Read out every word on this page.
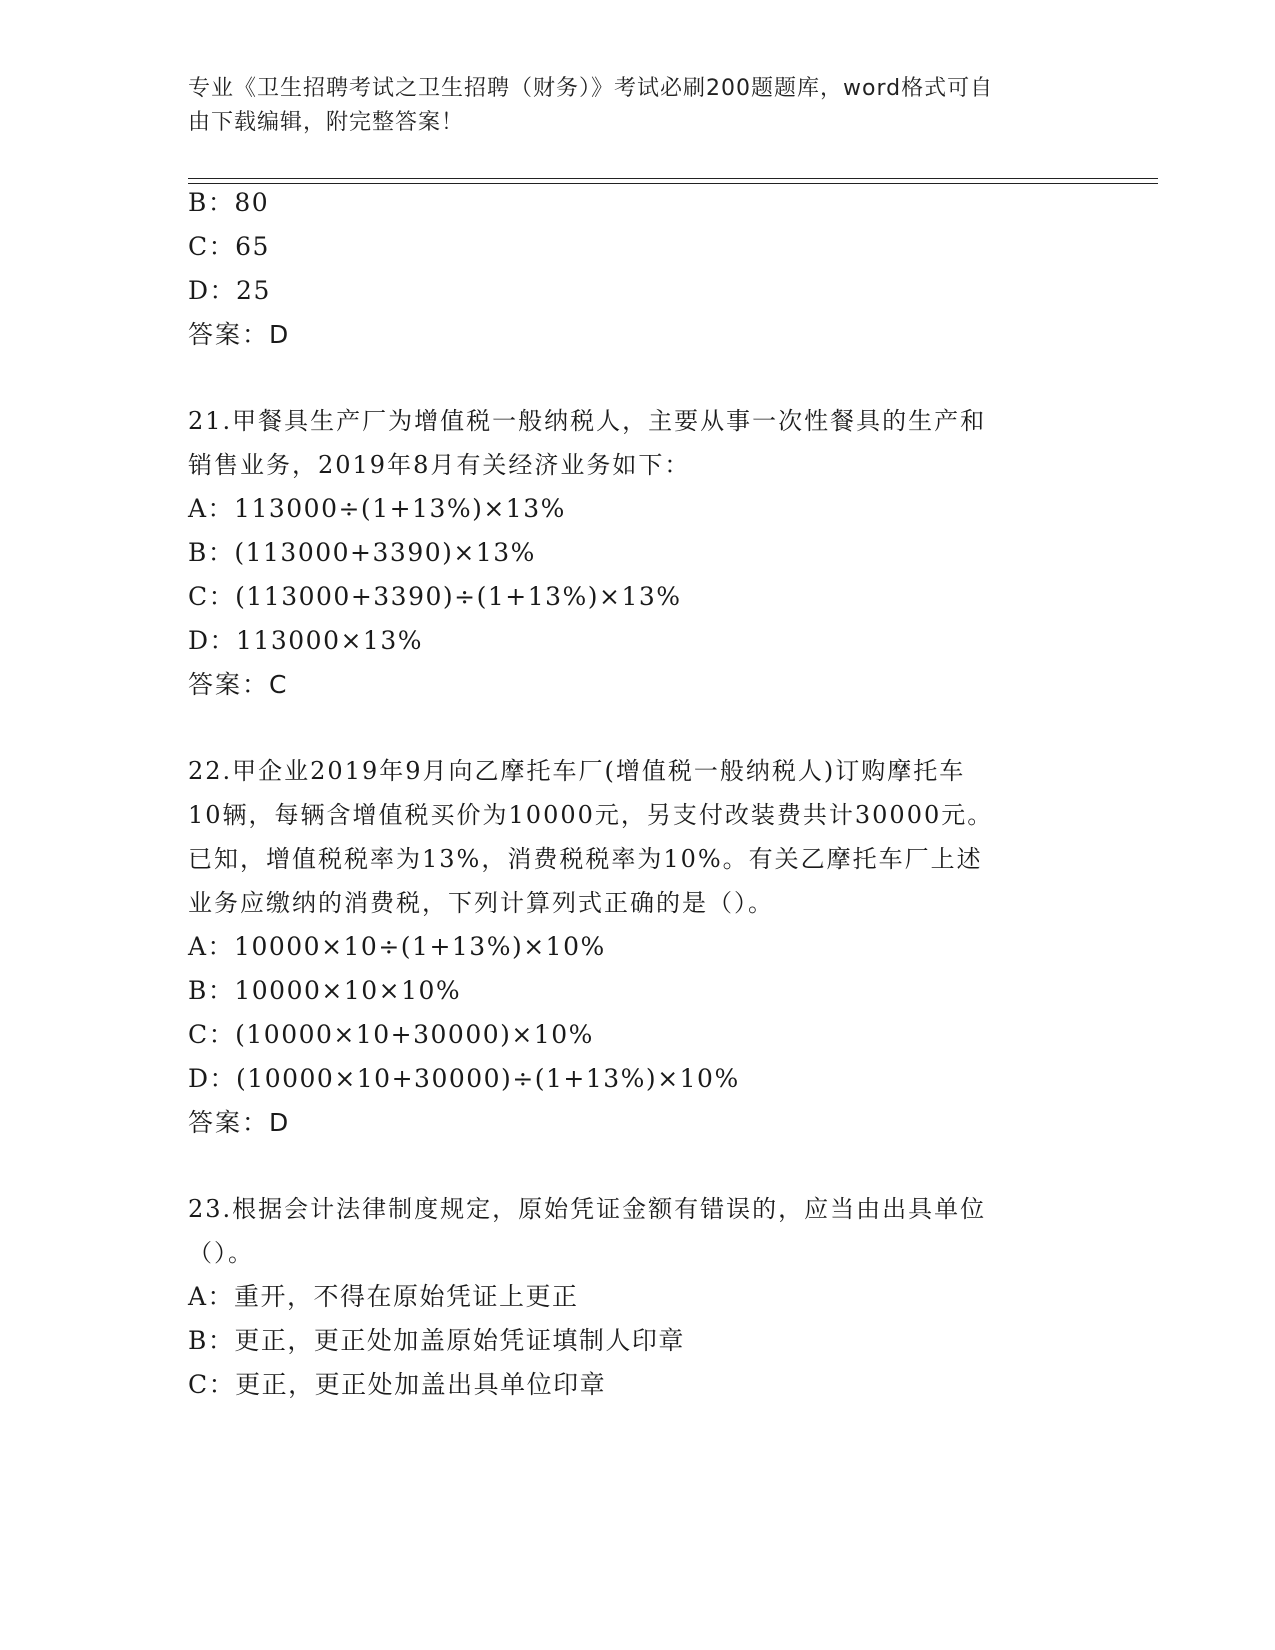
专业《卫生招聘考试之卫生招聘（财务）》考试必刷200题题库，word格式可自
由下载编辑，附完整答案！
B：80
C：65
D：25
答案：D
21.甲餐具生产厂为增值税一般纳税人，主要从事一次性餐具的生产和
销售业务，2019年8月有关经济业务如下：
A：113000÷(1+13%)×13%
B：(113000+3390)×13%
C：(113000+3390)÷(1+13%)×13%
D：113000×13%
答案：C
22.甲企业2019年9月向乙摩托车厂(增值税一般纳税人)订购摩托车
10辆，每辆含增值税买价为10000元，另支付改装费共计30000元。
已知，增值税税率为13%，消费税税率为10%。有关乙摩托车厂上述
业务应缴纳的消费税，下列计算列式正确的是（）。
A：10000×10÷(1+13%)×10%
B：10000×10×10%
C：(10000×10+30000)×10%
D：(10000×10+30000)÷(1+13%)×10%
答案：D
23.根据会计法律制度规定，原始凭证金额有错误的，应当由出具单位
（）。
A：重开，不得在原始凭证上更正
B：更正，更正处加盖原始凭证填制人印章
C：更正，更正处加盖出具单位印章
